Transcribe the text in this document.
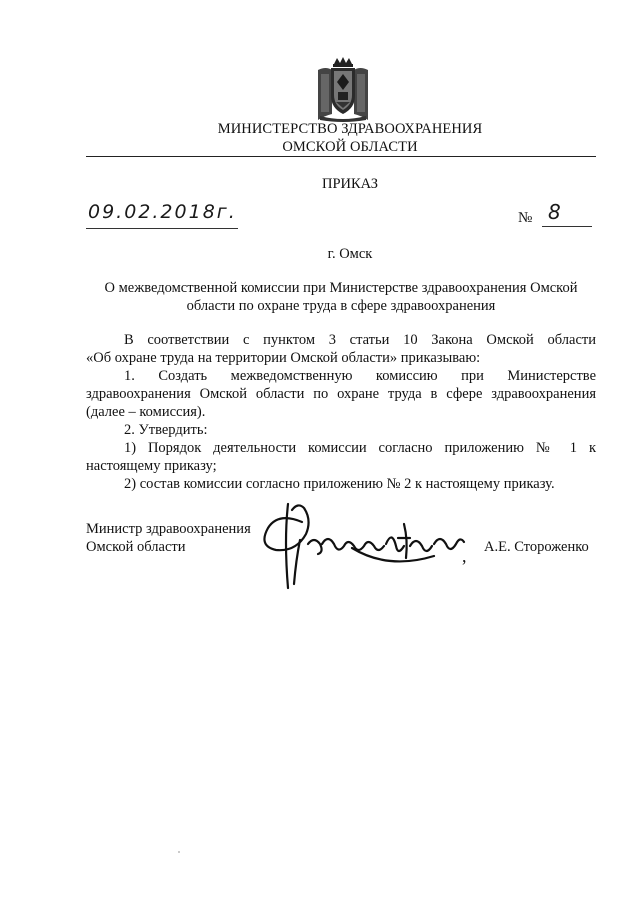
МИНИСТЕРСТВО ЗДРАВООХРАНЕНИЯ
ОМСКОЙ ОБЛАСТИ
ПРИКАЗ
09.02.2018г.	№ 8
г. Омск
О межведомственной комиссии при Министерстве здравоохранения Омской
области по охране труда в сфере здравоохранения
В соответствии с пунктом 3 статьи 10 Закона Омской области
«Об охране труда на территории Омской области» приказываю:
1. Создать межведомственную комиссию при Министерстве
здравоохранения Омской области по охране труда в сфере здравоохранения
(далее – комиссия).
2. Утвердить:
1) Порядок деятельности комиссии согласно приложению № 1 к
настоящему приказу;
2) состав комиссии согласно приложению № 2 к настоящему приказу.
Министр здравоохранения
Омской области	, А.Е. Стороженко
